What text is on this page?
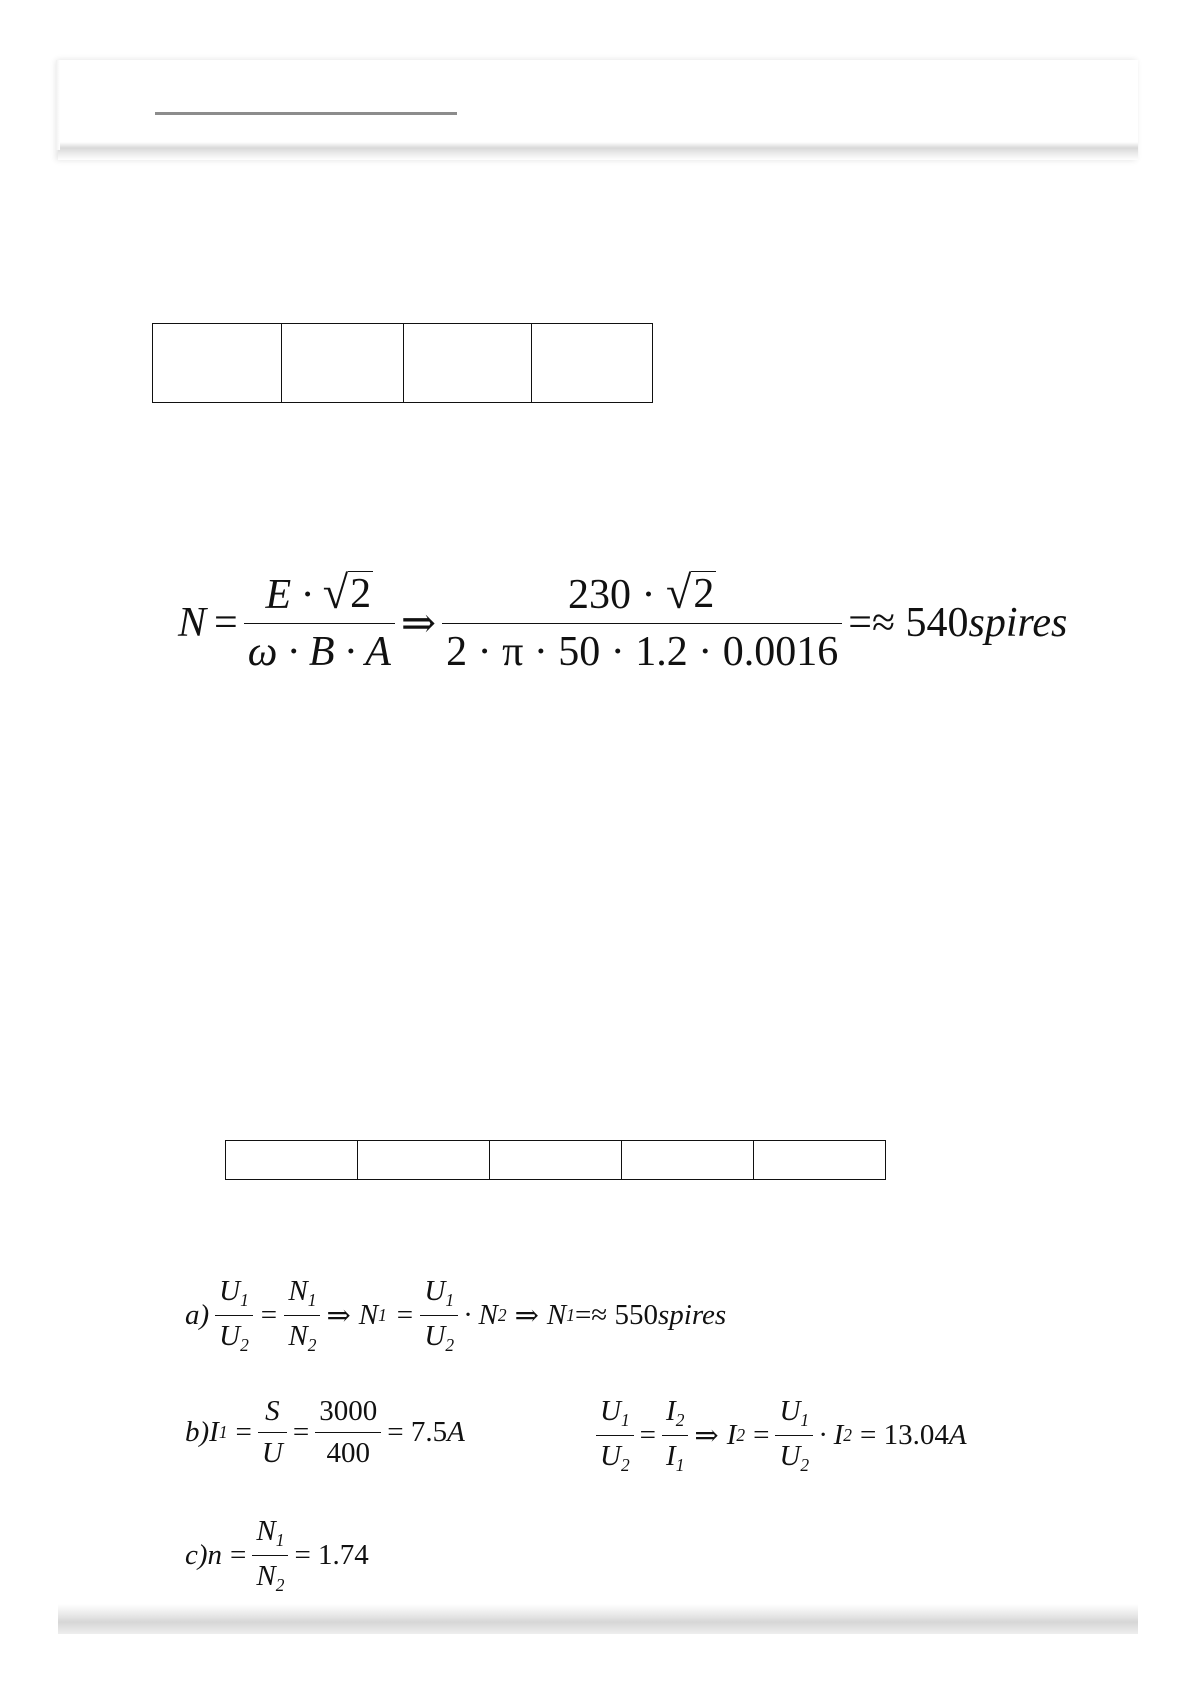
$N = \frac{E \cdot √ 2}{\omega \cdot B \cdot A}$ ⇒ $\frac{230 \cdot √ 2}{2 \cdot \pi \cdot 50 \cdot 1.2 \cdot 0.0016} =\approx 540$ spires

$a) \frac{U_1}{U_2} = \frac{N_1}{N_2}$ ⇒ N $1 = \frac{U_1}{U_2} \cdot N$ 2 ⇒ N 1 =≈ 550 spires
b) I $1 = \frac{S}{U} = \frac{3000}{400} = 7.5$ A	$\frac{U_1}{U_2} = \frac{I_2}{I_1}$ ⇒ I $2 = \frac{U_1}{U_2} \cdot I$ 2 = 13.04 A
c) $n = \frac{N_1}{N_2} = 1.74$
